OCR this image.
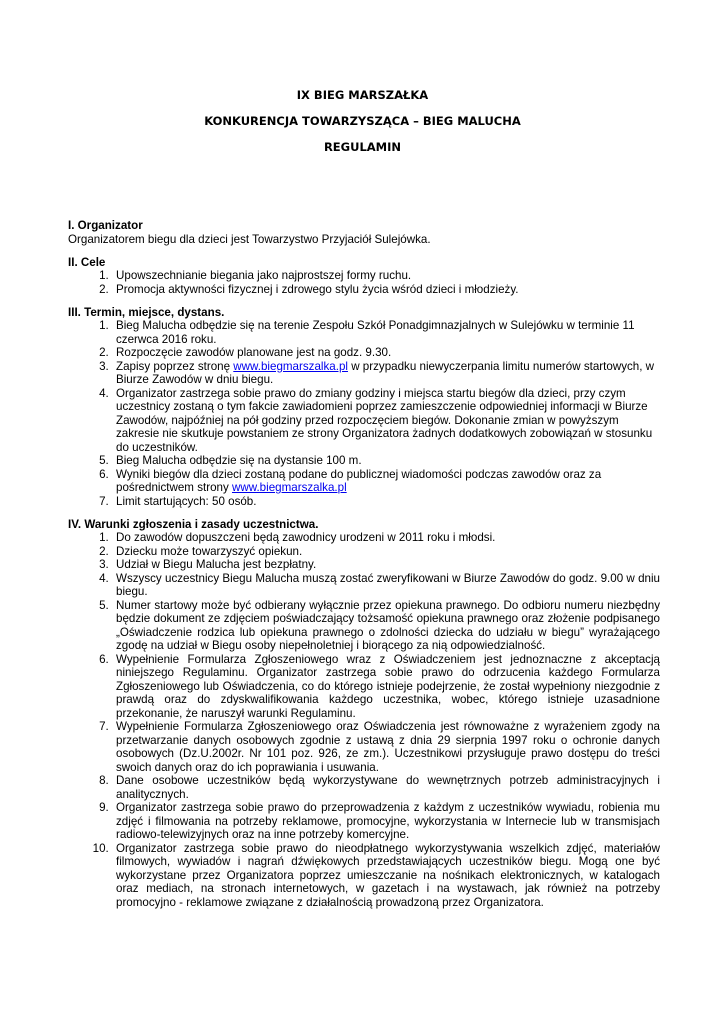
IX BIEG MARSZAŁKA
KONKURENCJA TOWARZYSZĄCA – BIEG MALUCHA
REGULAMIN
I. Organizator

Organizatorem biegu dla dzieci jest Towarzystwo Przyjaciół Sulejówka.

II. Cele
1. Upowszechnianie biegania jako najprostszej formy ruchu.
2. Promocja aktywności fizycznej i zdrowego stylu życia wśród dzieci i młodzieży.
III. Termin, miejsce, dystans.
1. Bieg Malucha odbędzie się na terenie Zespołu Szkół Ponadgimnazjalnych w Sulejówku w terminie 11 czerwca 2016 roku.
2. Rozpoczęcie zawodów planowane jest na godz. 9.30.
3. Zapisy poprzez stronę www.biegmarszalka.pl w przypadku niewyczerpania limitu numerów startowych, w Biurze Zawodów w dniu biegu.
4. Organizator zastrzega sobie prawo do zmiany godziny i miejsca startu biegów dla dzieci, przy czym uczestnicy zostaną o tym fakcie zawiadomieni poprzez zamieszczenie odpowiedniej informacji w Biurze Zawodów, najpóźniej na pół godziny przed rozpoczęciem biegów. Dokonanie zmian w powyższym zakresie nie skutkuje powstaniem ze strony Organizatora żadnych dodatkowych zobowiązań w stosunku do uczestników.
5. Bieg Malucha odbędzie się na dystansie 100 m.
6. Wyniki biegów dla dzieci zostaną podane do publicznej wiadomości podczas zawodów oraz za pośrednictwem strony www.biegmarszalka.pl
7. Limit startujących: 50 osób.
IV. Warunki zgłoszenia i zasady uczestnictwa.
1. Do zawodów dopuszczeni będą zawodnicy urodzeni w 2011 roku i młodsi.
2. Dziecku może towarzyszyć opiekun.
3. Udział w Biegu Malucha jest bezpłatny.
4. Wszyscy uczestnicy Biegu Malucha muszą zostać zweryfikowani w Biurze Zawodów do godz. 9.00 w dniu biegu.
5. Numer startowy może być odbierany wyłącznie przez opiekuna prawnego. Do odbioru numeru niezbędny będzie dokument ze zdjęciem poświadczający tożsamość opiekuna prawnego oraz złożenie podpisanego „Oświadczenie rodzica lub opiekuna prawnego o zdolności dziecka do udziału w biegu” wyrażającego zgodę na udział w Biegu osoby niepełnoletniej i biorącego za nią odpowiedzialność.
6. Wypełnienie Formularza Zgłoszeniowego wraz z Oświadczeniem jest jednoznaczne z akceptacją niniejszego Regulaminu. Organizator zastrzega sobie prawo do odrzucenia każdego Formularza Zgłoszeniowego lub Oświadczenia, co do którego istnieje podejrzenie, że został wypełniony niezgodnie z prawdą oraz do zdyskwalifikowania każdego uczestnika, wobec, którego istnieje uzasadnione przekonanie, że naruszył warunki Regulaminu.
7. Wypełnienie Formularza Zgłoszeniowego oraz Oświadczenia jest równoważne z wyrażeniem zgody na przetwarzanie danych osobowych zgodnie z ustawą z dnia 29 sierpnia 1997 roku o ochronie danych osobowych (Dz.U.2002r. Nr 101 poz. 926, ze zm.). Uczestnikowi przysługuje prawo dostępu do treści swoich danych oraz do ich poprawiania i usuwania.
8. Dane osobowe uczestników będą wykorzystywane do wewnętrznych potrzeb administracyjnych i analitycznych.
9. Organizator zastrzega sobie prawo do przeprowadzenia z każdym z uczestników wywiadu, robienia mu zdjęć i filmowania na potrzeby reklamowe, promocyjne, wykorzystania w Internecie lub w transmisjach radiowo-telewizyjnych oraz na inne potrzeby komercyjne.
10. Organizator zastrzega sobie prawo do nieodpłatnego wykorzystywania wszelkich zdjęć, materiałów filmowych, wywiadów i nagrań dźwiękowych przedstawiających uczestników biegu. Mogą one być wykorzystane przez Organizatora poprzez umieszczanie na nośnikach elektronicznych, w katalogach oraz mediach, na stronach internetowych, w gazetach i na wystawach, jak również na potrzeby promocyjno - reklamowe związane z działalnością prowadzoną przez Organizatora.
